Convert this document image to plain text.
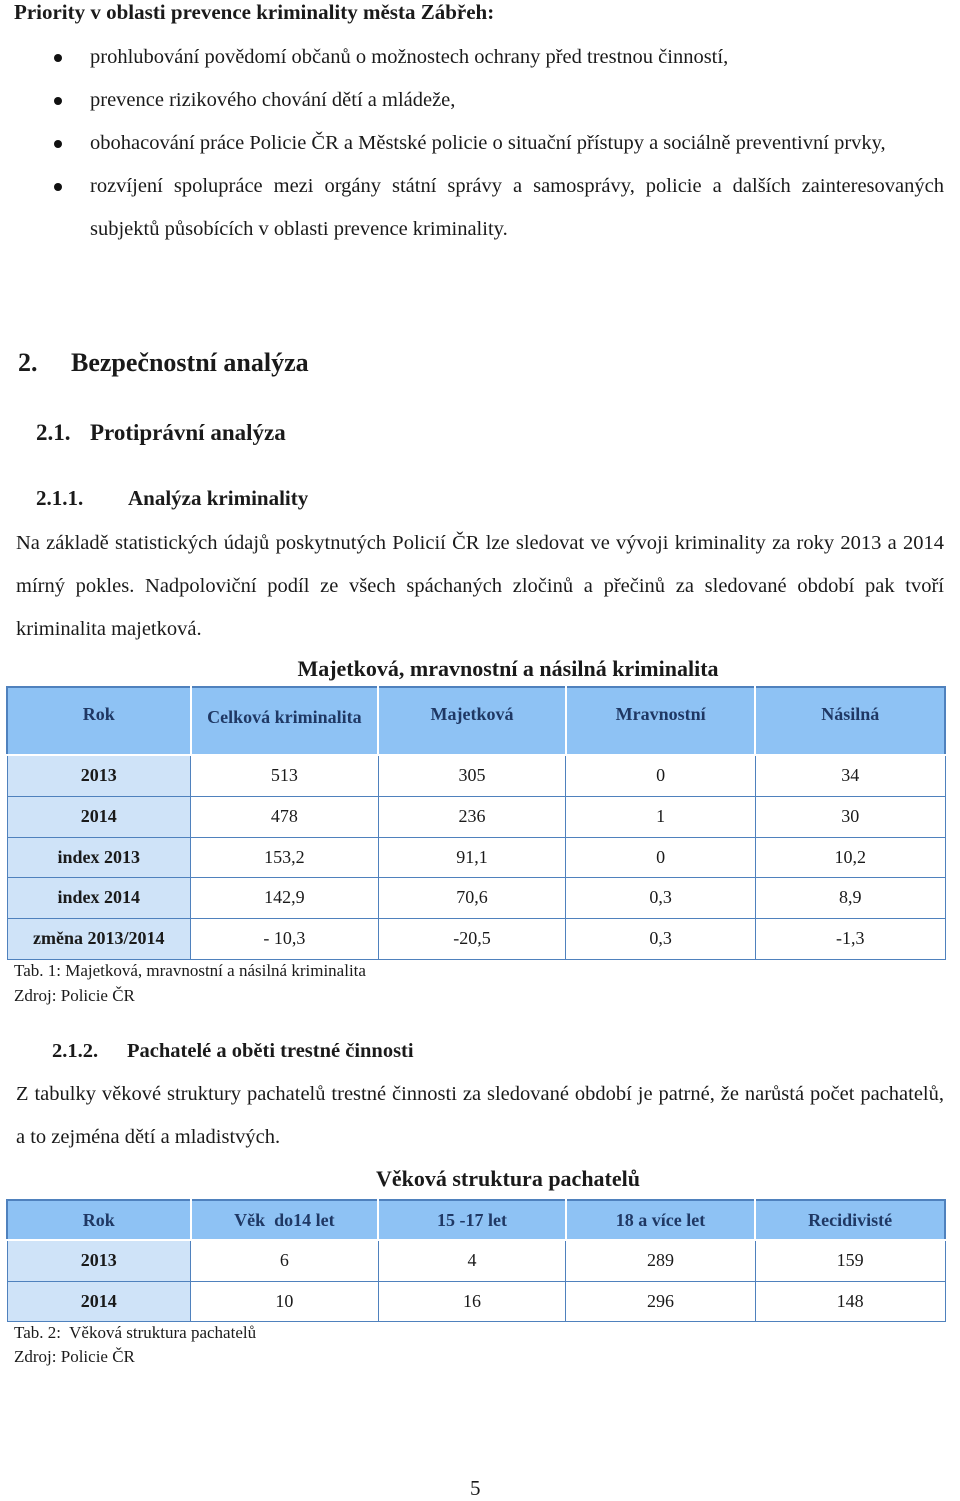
Priority v oblasti prevence kriminality města Zábřeh:
prohlubování povědomí občanů o možnostech ochrany před trestnou činností,
prevence rizikového chování dětí a mládeže,
obohacování práce Policie ČR a Městské policie o situační přístupy a sociálně preventivní prvky,
rozvíjení spolupráce mezi orgány státní správy a samosprávy, policie a dalších zainteresovaných subjektů působících v oblasti prevence kriminality.
2. Bezpečnostní analýza
2.1. Protiprávní analýza
2.1.1. Analýza kriminality
Na základě statistických údajů poskytnutých Policií ČR lze sledovat ve vývoji kriminality za roky 2013 a 2014 mírný pokles. Nadpoloviční podíl ze všech spáchaných zločinů a přečinů za sledované období pak tvoří kriminalita majetková.
Majetková, mravnostní a násilná kriminalita
Rok	Celková kriminalita	Majetková	Mravnostní	Násilná
2013	513	305	0	34
2014	478	236	1	30
index 2013	153,2	91,1	0	10,2
index 2014	142,9	70,6	0,3	8,9
změna 2013/2014	- 10,3	-20,5	0,3	-1,3
Tab. 1: Majetková, mravnostní a násilná kriminalita
Zdroj: Policie ČR
2.1.2. Pachatelé a oběti trestné činnosti
Z tabulky věkové struktury pachatelů trestné činnosti za sledované období je patrné, že narůstá počet pachatelů, a to zejména dětí a mladistvých.
Věková struktura pachatelů
Rok	Věk  do14 let	15 -17 let	18 a více let	Recidivisté
2013	6	4	289	159
2014	10	16	296	148
Tab. 2:  Věková struktura pachatelů
Zdroj: Policie ČR
5
